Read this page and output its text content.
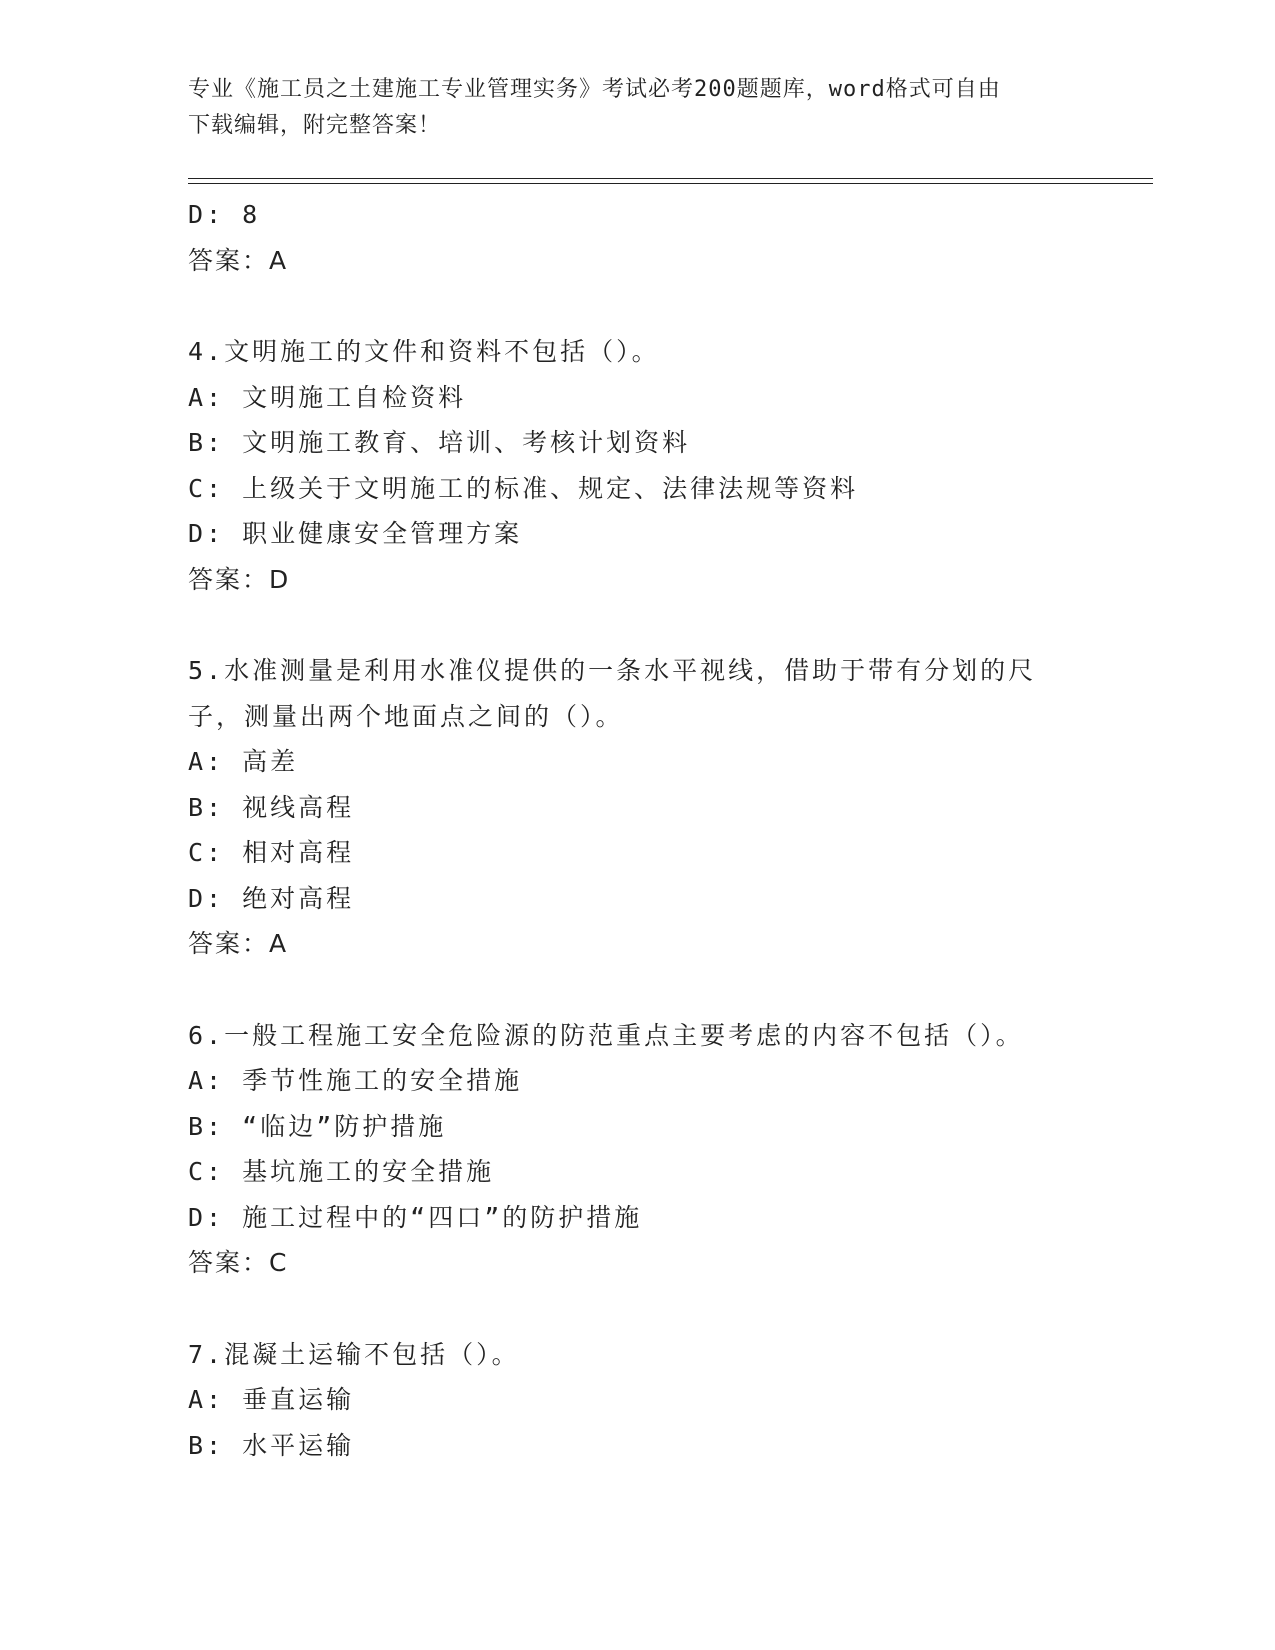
专业《施工员之土建施工专业管理实务》考试必考200题题库，word格式可自由
下载编辑，附完整答案！
D: 8
答案：A
4.文明施工的文件和资料不包括（）。
A: 文明施工自检资料
B: 文明施工教育、培训、考核计划资料
C: 上级关于文明施工的标准、规定、法律法规等资料
D: 职业健康安全管理方案
答案：D
5.水准测量是利用水准仪提供的一条水平视线，借助于带有分划的尺
子，测量出两个地面点之间的（）。
A: 高差
B: 视线高程
C: 相对高程
D: 绝对高程
答案：A
6.一般工程施工安全危险源的防范重点主要考虑的内容不包括（）。
A: 季节性施工的安全措施
B: “临边”防护措施
C: 基坑施工的安全措施
D: 施工过程中的“四口”的防护措施
答案：C
7.混凝土运输不包括（）。
A: 垂直运输
B: 水平运输
